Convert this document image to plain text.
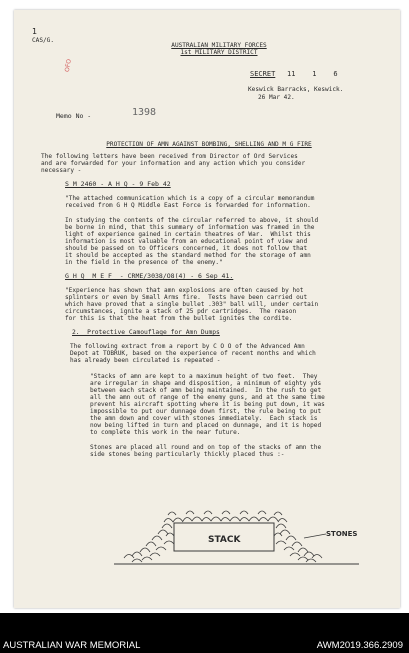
1
CAS/G.
AUSTRALIAN MILITARY FORCES
1st MILITARY DISTRICT
OFO
SECRET 11    1    6
Keswick Barracks, Keswick.
26 Mar 42.
Memo No -	1398
PROTECTION OF AMN AGAINST BOMBING, SHELLING AND M G FIRE
The following letters have been received from Director of Ord Services
and are forwarded for your information and any action which you consider
necessary -
S M 2460 - A H Q - 9 Feb 42
"The attached communication which is a copy of a circular memorandum
received from G H Q Middle East Force is forwarded for information.
In studying the contents of the circular referred to above, it should
be borne in mind, that this summary of information was framed in the
light of experience gained in certain theatres of War.  Whilst this
information is most valuable from an educational point of view and
should be passed on to Officers concerned, it does not follow that
it should be accepted as the standard method for the storage of amn
in the field in the presence of the enemy."
G H Q  M E F  - CRME/3038/O8(4) - 6 Sep 41.
"Experience has shown that amn explosions are often caused by hot
splinters or even by Small Arms fire.  Tests have been carried out
which have proved that a single bullet .303" ball will, under certain
circumstances, ignite a stack of 25 pdr cartridges.  The reason
for this is that the heat from the bullet ignites the cordite.
2.  Protective Camouflage for Amn Dumps
The following extract from a report by C O O of the Advanced Amn
Depot at TOBRUK, based on the experience of recent months and which
has already been circulated is repeated -
"Stacks of amn are kept to a maximum height of two feet.  They
are irregular in shape and disposition, a minimum of eighty yds
between each stack of amn being maintained.  In the rush to get
all the amn out of range of the enemy guns, and at the same time
prevent his aircraft spotting where it is being put down, it was
impossible to put our dunnage down first, the rule being to put
the amn down and cover with stones immediately.  Each stack is
now being lifted in turn and placed on dunnage, and it is hoped
to complete this work in the near future.
Stones are placed all round and on top of the stacks of amn the
side stones being particularly thickly placed thus :-
STACK
STONES
AUSTRALIAN WAR MEMORIAL	AWM2019.366.2909
